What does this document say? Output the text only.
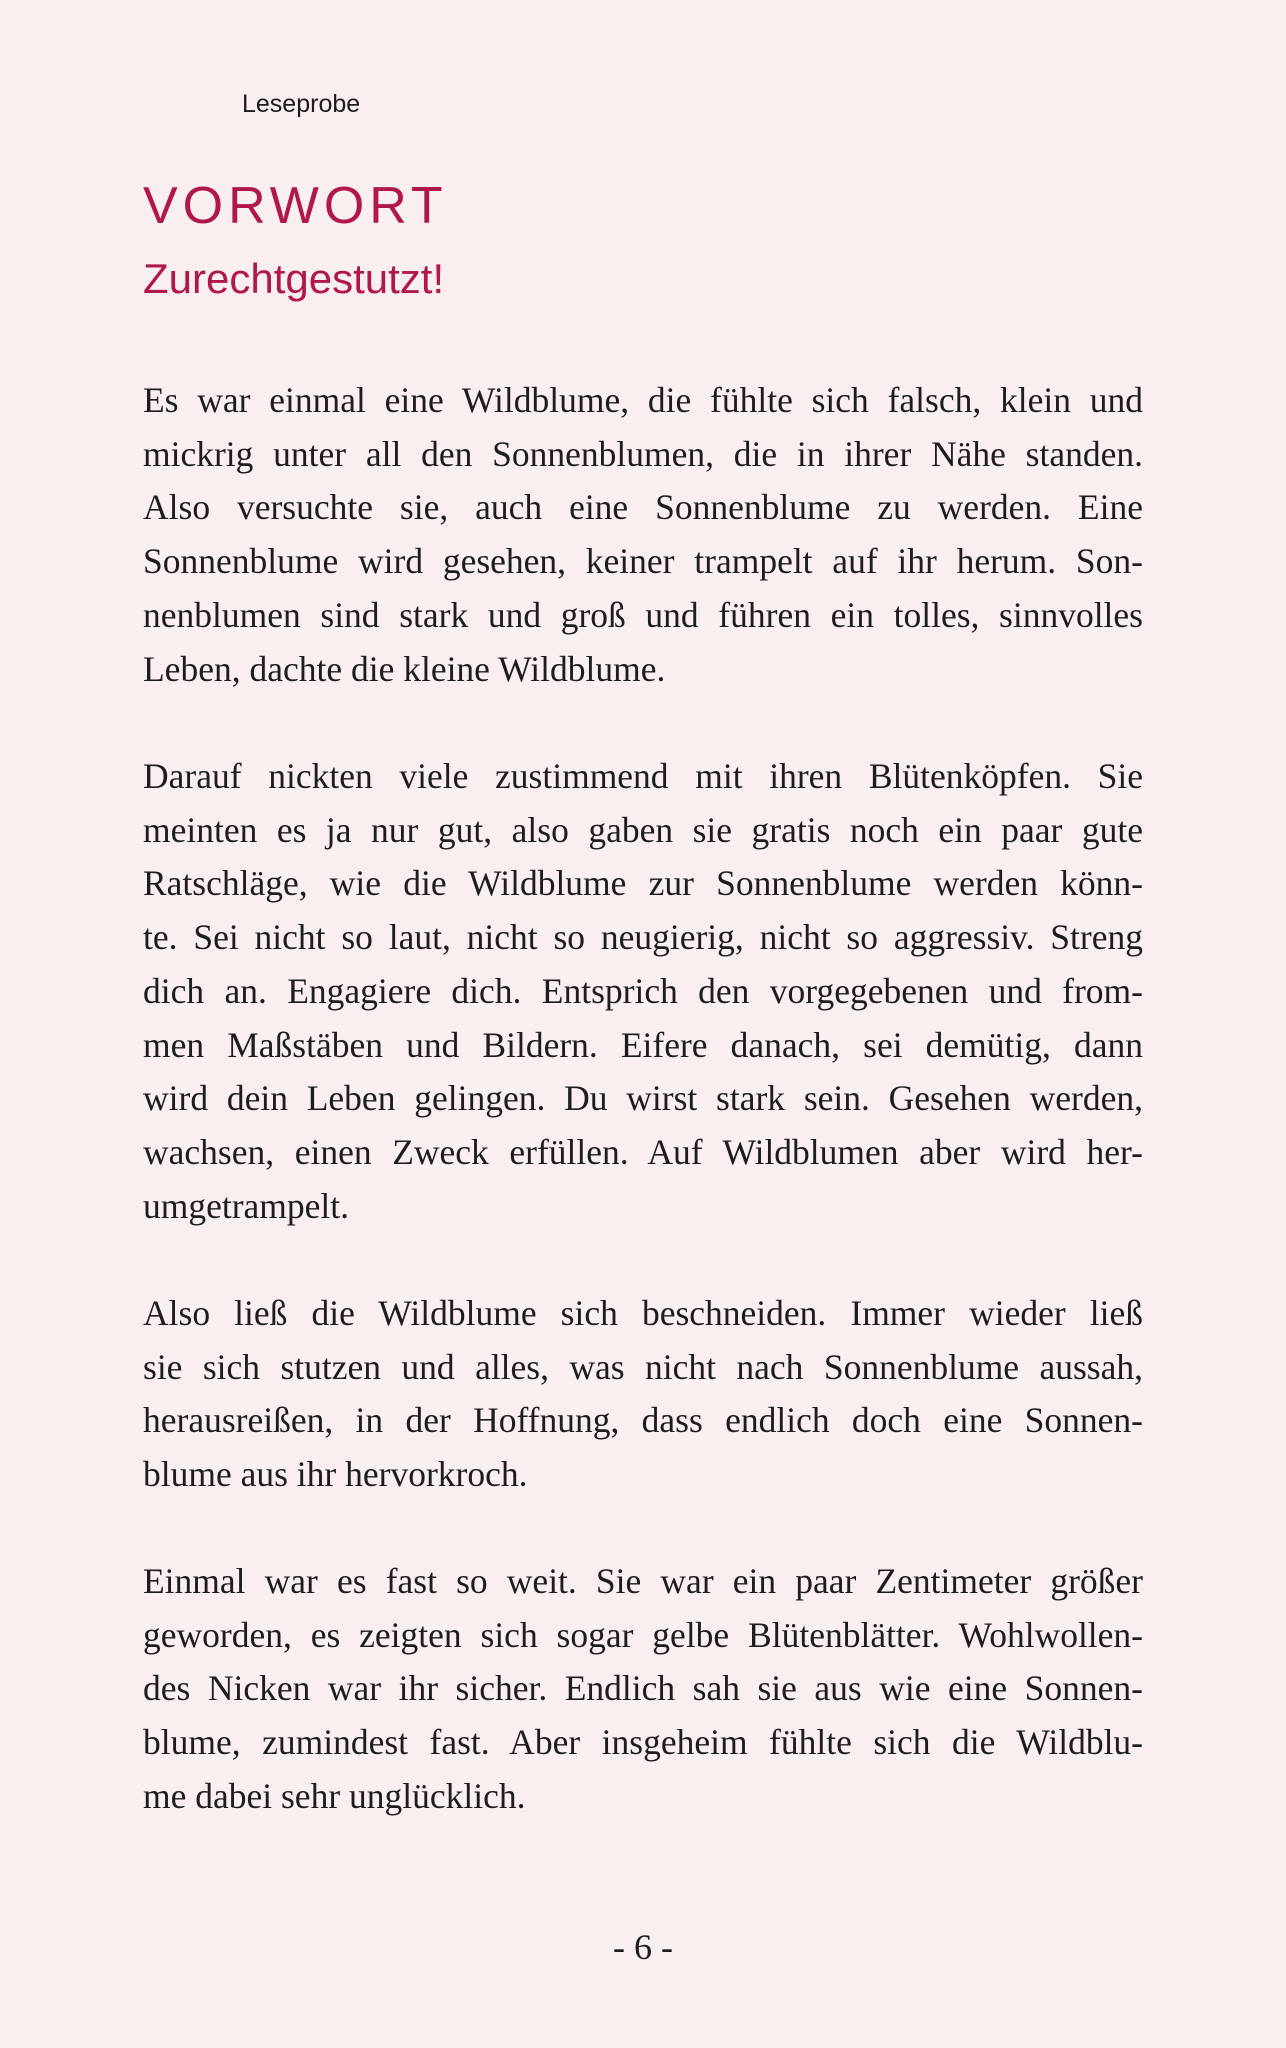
Leseprobe
VORWORT
Zurechtgestutzt!
Es war einmal eine Wildblume, die fühlte sich falsch, klein und
mickrig unter all den Sonnenblumen, die in ihrer Nähe standen.
Also versuchte sie, auch eine Sonnenblume zu werden. Eine
Sonnenblume wird gesehen, keiner trampelt auf ihr herum. Son-
nenblumen sind stark und groß und führen ein tolles, sinnvolles
Leben, dachte die kleine Wildblume.
Darauf nickten viele zustimmend mit ihren Blütenköpfen. Sie
meinten es ja nur gut, also gaben sie gratis noch ein paar gute
Ratschläge, wie die Wildblume zur Sonnenblume werden könn-
te. Sei nicht so laut, nicht so neugierig, nicht so aggressiv. Streng
dich an. Engagiere dich. Entsprich den vorgegebenen und from-
men Maßstäben und Bildern. Eifere danach, sei demütig, dann
wird dein Leben gelingen. Du wirst stark sein. Gesehen werden,
wachsen, einen Zweck erfüllen. Auf Wildblumen aber wird her-
umgetrampelt.
Also ließ die Wildblume sich beschneiden. Immer wieder ließ
sie sich stutzen und alles, was nicht nach Sonnenblume aussah,
herausreißen, in der Hoffnung, dass endlich doch eine Sonnen-
blume aus ihr hervorkroch.
Einmal war es fast so weit. Sie war ein paar Zentimeter größer
geworden, es zeigten sich sogar gelbe Blütenblätter. Wohlwollen-
des Nicken war ihr sicher. Endlich sah sie aus wie eine Sonnen-
blume, zumindest fast. Aber insgeheim fühlte sich die Wildblu-
me dabei sehr unglücklich.
- 6 -
